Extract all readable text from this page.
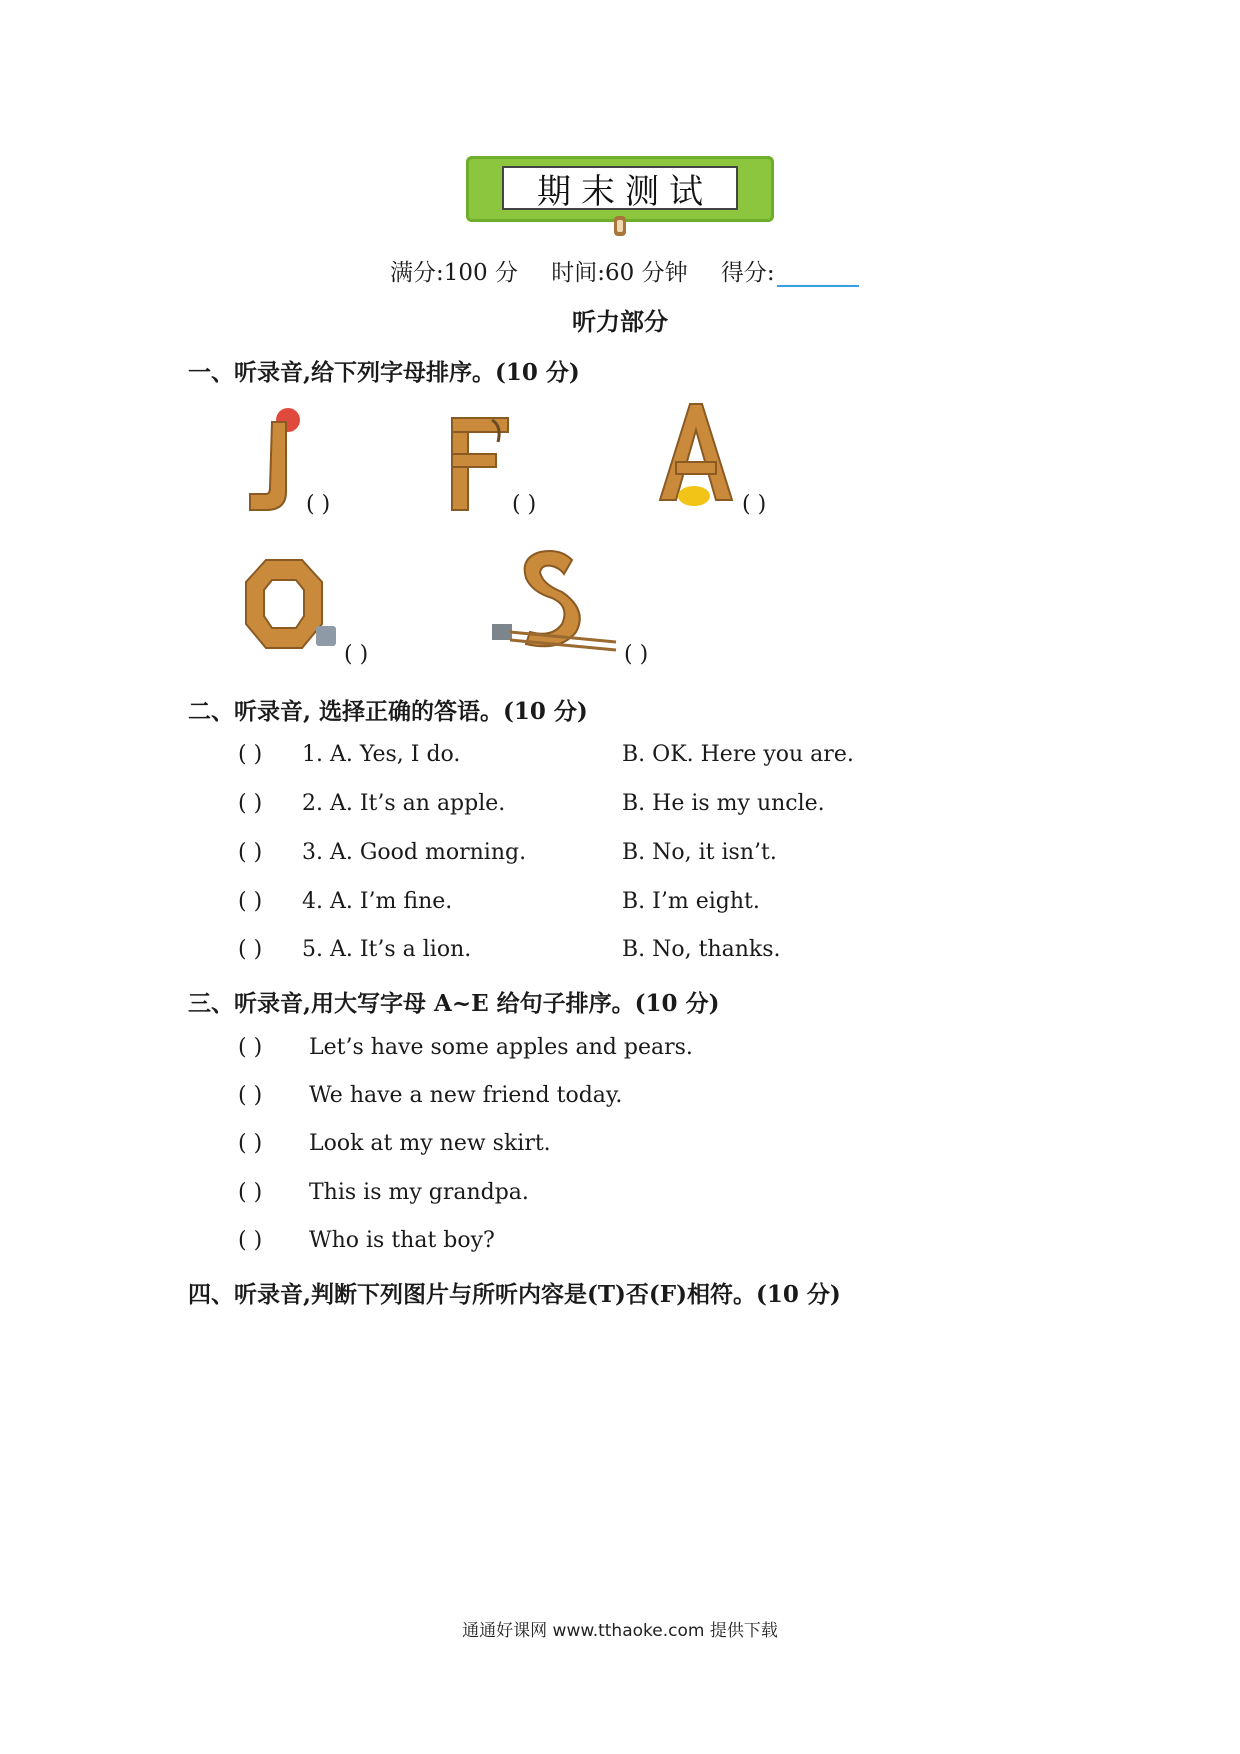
期末测试
满分:100 分 时间:60 分钟 得分:
听力部分
一、听录音,给下列字母排序。(10 分)
( )	( )	( )
( )	( )
二、听录音, 选择正确的答语。(10 分)
( ) 1. A. Yes, I do.	B. OK. Here you are.
( ) 2. A. It’s an apple.	B. He is my uncle.
( ) 3. A. Good morning.	B. No, it isn’t.
( ) 4. A. I’m fine.	B. I’m eight.
( ) 5. A. It’s a lion.	B. No, thanks.
三、听录音,用大写字母 A~E 给句子排序。(10 分)
( ) Let’s have some apples and pears.
( ) We have a new friend today.
( ) Look at my new skirt.
( ) This is my grandpa.
( ) Who is that boy?
四、听录音,判断下列图片与所听内容是(T)否(F)相符。(10 分)
通通好课网 www.tthaoke.com 提供下载
